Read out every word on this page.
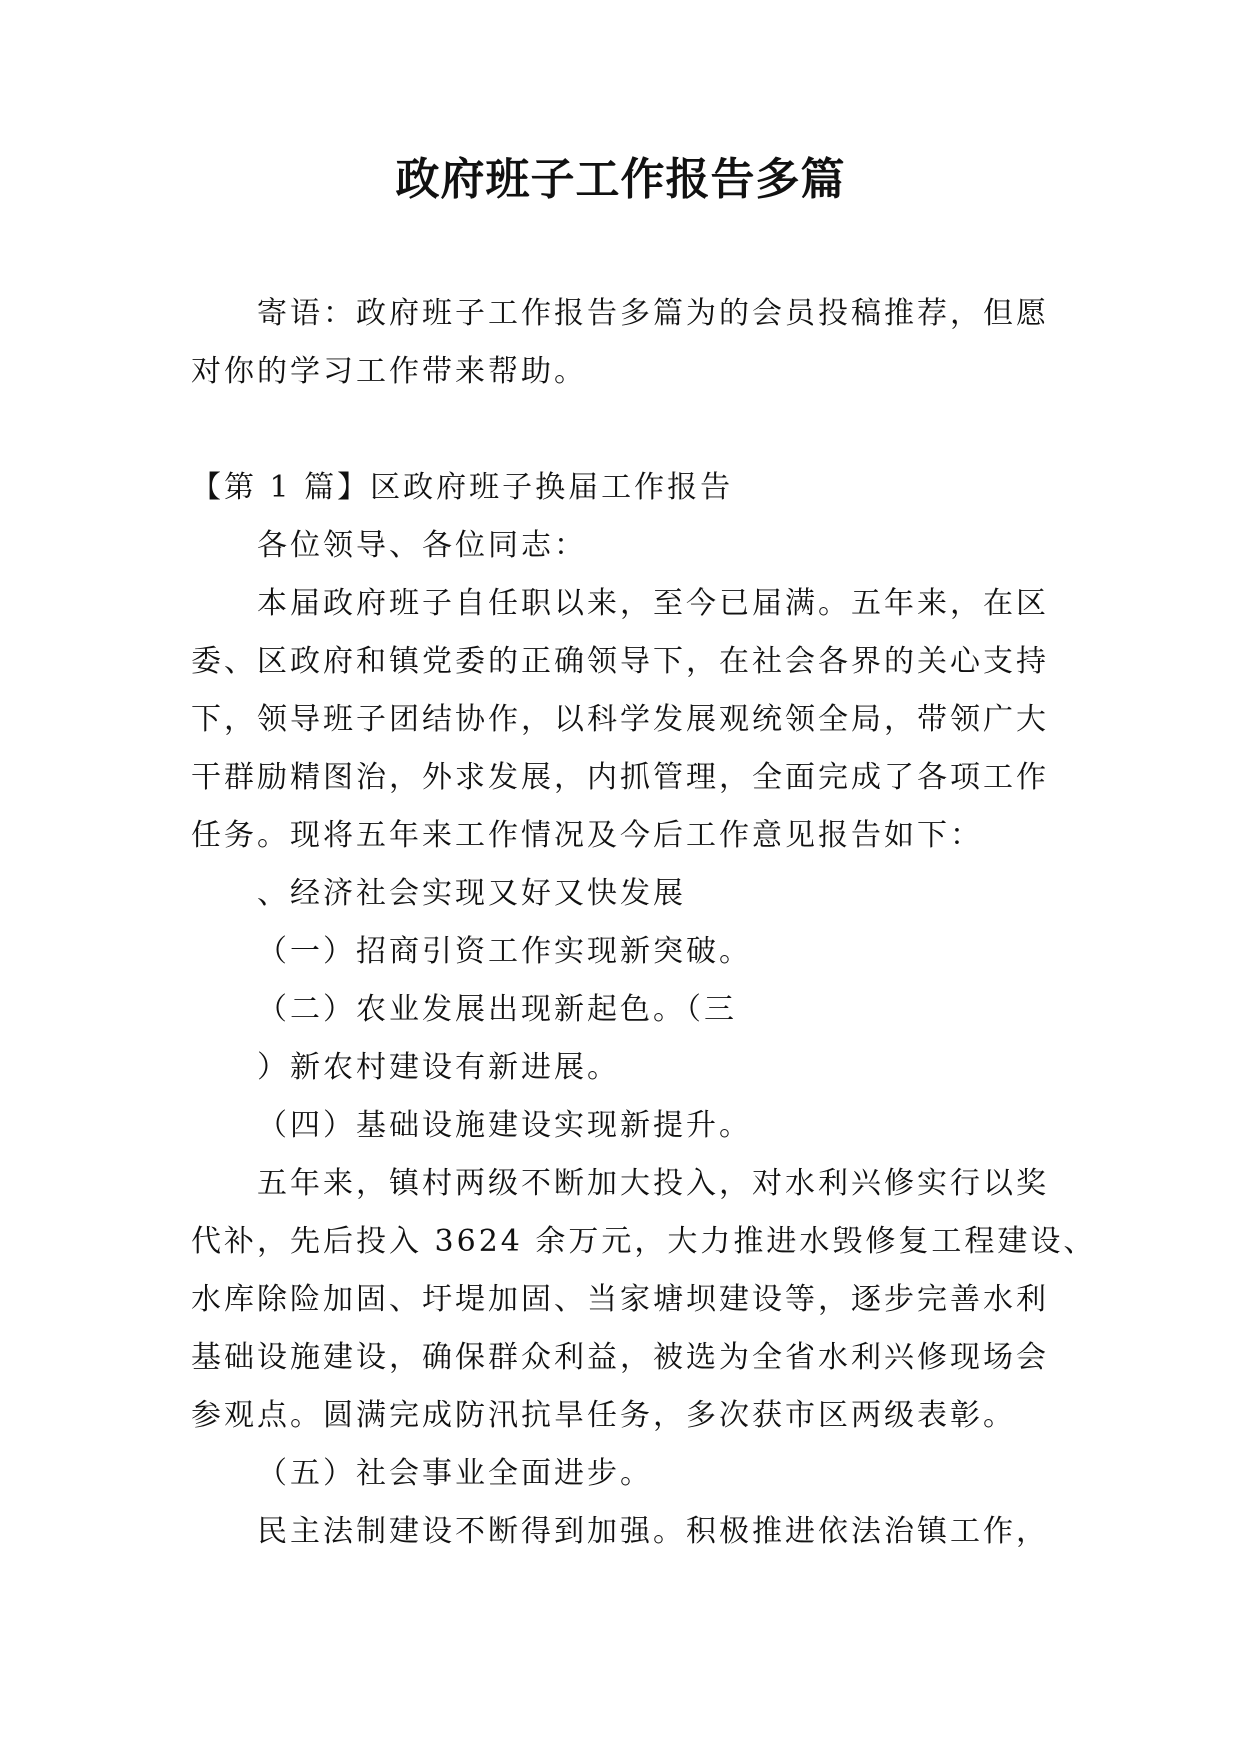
政府班子工作报告多篇

寄语：政府班子工作报告多篇为的会员投稿推荐，但愿

对你的学习工作带来帮助。

【第 1 篇】区政府班子换届工作报告

各位领导、各位同志：

本届政府班子自任职以来，至今已届满。五年来，在区

委、区政府和镇党委的正确领导下，在社会各界的关心支持

下，领导班子团结协作，以科学发展观统领全局，带领广大

干群励精图治，外求发展，内抓管理，全面完成了各项工作

任务。现将五年来工作情况及今后工作意见报告如下：

、经济社会实现又好又快发展

（一）招商引资工作实现新突破。

（二）农业发展出现新起色。（三

）新农村建设有新进展。

（四）基础设施建设实现新提升。

五年来，镇村两级不断加大投入，对水利兴修实行以奖

代补，先后投入 3624 余万元，大力推进水毁修复工程建设、

水库除险加固、圩堤加固、当家塘坝建设等，逐步完善水利

基础设施建设，确保群众利益，被选为全省水利兴修现场会

参观点。圆满完成防汛抗旱任务，多次获市区两级表彰。

（五）社会事业全面进步。

民主法制建设不断得到加强。积极推进依法治镇工作，
